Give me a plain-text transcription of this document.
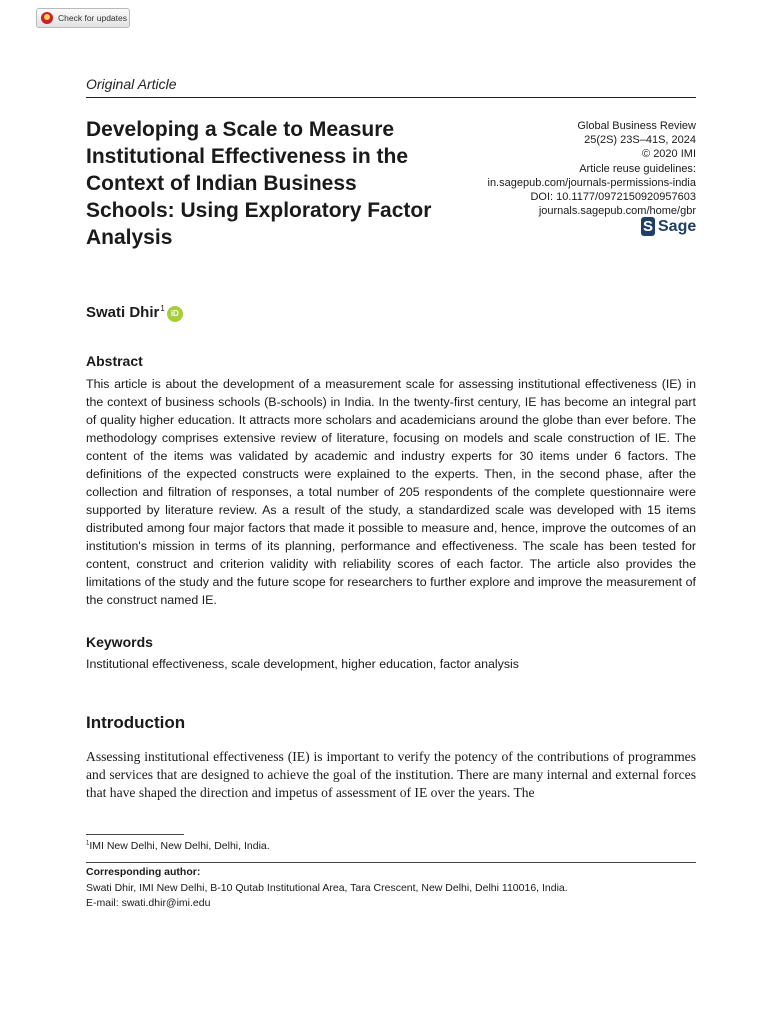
Check for updates
Original Article
Developing a Scale to Measure Institutional Effectiveness in the Context of Indian Business Schools: Using Exploratory Factor Analysis
Global Business Review
25(2S) 23S–41S, 2024
© 2020 IMI
Article reuse guidelines:
in.sagepub.com/journals-permissions-india
DOI: 10.1177/0972150920957603
journals.sagepub.com/home/gbr
S Sage
Swati Dhir$^1$
iD
Abstract

This article is about the development of a measurement scale for assessing institutional effectiveness (IE) in the context of business schools (B-schools) in India. In the twenty-first century, IE has become an integral part of quality higher education. It attracts more scholars and academicians around the globe than ever before. The methodology comprises extensive review of literature, focusing on models and scale construction of IE. The content of the items was validated by academic and industry experts for 30 items under 6 factors. The definitions of the expected constructs were explained to the experts. Then, in the second phase, after the collection and filtration of responses, a total number of 205 respondents of the complete questionnaire were supported by literature review. As a result of the study, a standardized scale was developed with 15 items distributed among four major factors that made it possible to measure and, hence, improve the outcomes of an institution's mission in terms of its planning, performance and effectiveness. The scale has been tested for content, construct and criterion validity with reliability scores of each factor. The article also provides the limitations of the study and the future scope for researchers to further explore and improve the measurement of the construct named IE.

Keywords

Institutional effectiveness, scale development, higher education, factor analysis

Introduction

Assessing institutional effectiveness (IE) is important to verify the potency of the contributions of programmes and services that are designed to achieve the goal of the institution. There are many internal and external forces that have shaped the direction and impetus of assessment of IE over the years. The

$^1$IMI New Delhi, New Delhi, Delhi, India.
Corresponding author:
Swati Dhir, IMI New Delhi, B-10 Qutab Institutional Area, Tara Crescent, New Delhi, Delhi 110016, India.
E-mail: swati.dhir@imi.edu
